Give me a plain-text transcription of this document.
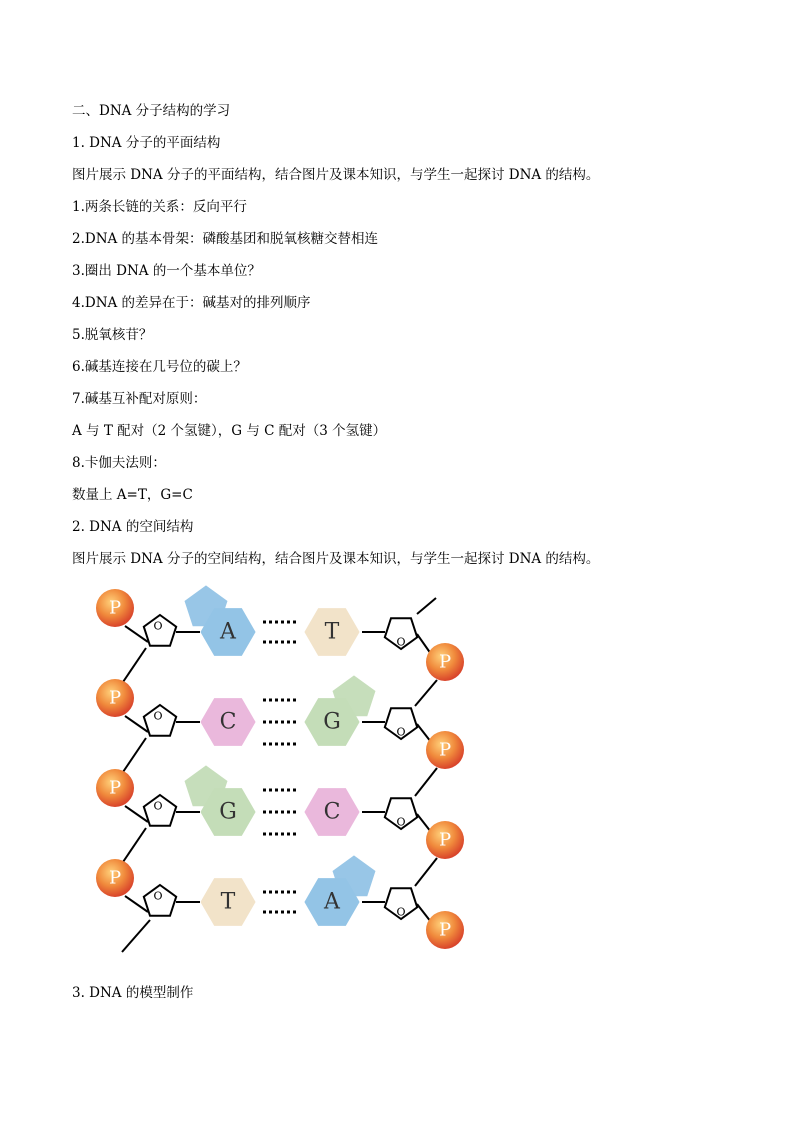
二、DNA 分子结构的学习
1. DNA 分子的平面结构
图片展示 DNA 分子的平面结构，结合图片及课本知识，与学生一起探讨 DNA 的结构。
1.两条长链的关系：反向平行
2.DNA 的基本骨架：磷酸基团和脱氧核糖交替相连
3.圈出 DNA 的一个基本单位？
4.DNA 的差异在于：碱基对的排列顺序
5.脱氧核苷？
6.碱基连接在几号位的碳上？
7.碱基互补配对原则：
A 与 T 配对（2 个氢键），G 与 C 配对（3 个氢键）
8.卡伽夫法则：
数量上 A=T，G=C
2. DNA 的空间结构
图片展示 DNA 分子的空间结构，结合图片及课本知识，与学生一起探讨 DNA 的结构。
O
O
A	T
O
O
C	G
O
O
G	C
O
O
T	A
P
P
P
P
P
P
P
P
3. DNA 的模型制作
